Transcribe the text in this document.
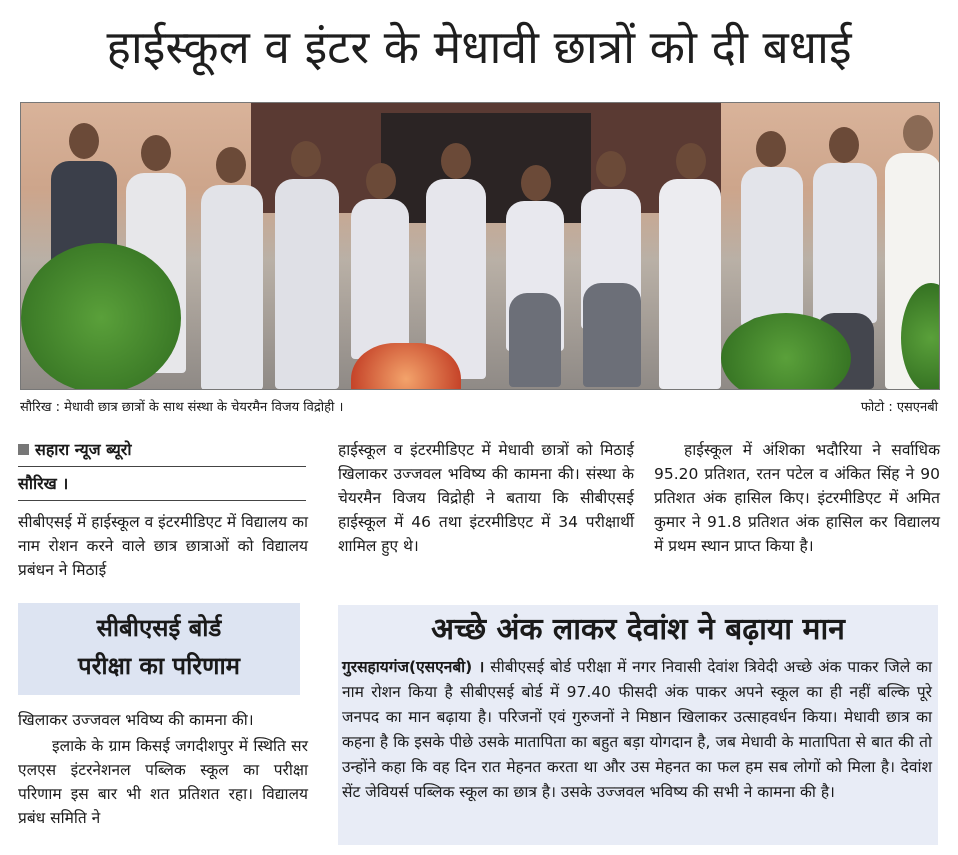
हाईस्कूल व इंटर के मेधावी छात्रों को दी बधाई
सौरिख : मेधावी छात्र छात्रों के साथ संस्था के चेयरमैन विजय विद्रोही ।	फोटो : एसएनबी
सहारा न्यूज ब्यूरो
सौरिख ।
सीबीएसई में हाईस्कूल व इंटरमीडिएट में विद्यालय का नाम रोशन करने वाले छात्र छात्राओं को विद्यालय प्रबंधन ने मिठाई
सीबीएसई बोर्ड
परीक्षा का परिणाम
खिलाकर उज्जवल भविष्य की कामना की।
इलाके के ग्राम किसई जगदीशपुर में स्थिति सर एलएस इंटरनेशनल पब्लिक स्कूल का परीक्षा परिणाम इस बार भी शत प्रतिशत रहा। विद्यालय प्रबंध समिति ने
हाईस्कूल व इंटरमीडिएट में मेधावी छात्रों को मिठाई खिलाकर उज्जवल भविष्य की कामना की। संस्था के चेयरमैन विजय विद्रोही ने बताया कि सीबीएसई हाईस्कूल में 46 तथा इंटरमीडिएट में 34 परीक्षार्थी शामिल हुए थे।
हाईस्कूल में अंशिका भदौरिया ने सर्वाधिक 95.20 प्रतिशत, रतन पटेल व अंकित सिंह ने 90 प्रतिशत अंक हासिल किए। इंटरमीडिएट में अमित कुमार ने 91.8 प्रतिशत अंक हासिल कर विद्यालय में प्रथम स्थान प्राप्त किया है।
अच्छे अंक लाकर देवांश ने बढ़ाया मान
गुरसहायगंज(एसएनबी) । सीबीएसई बोर्ड परीक्षा में नगर निवासी देवांश त्रिवेदी अच्छे अंक पाकर जिले का नाम रोशन किया है सीबीएसई बोर्ड में 97.40 फीसदी अंक पाकर अपने स्कूल का ही नहीं बल्कि पूरे जनपद का मान बढ़ाया है। परिजनों एवं गुरुजनों ने मिष्ठान खिलाकर उत्साहवर्धन किया। मेधावी छात्र का कहना है कि इसके पीछे उसके मातापिता का बहुत बड़ा योगदान है, जब मेधावी के मातापिता से बात की तो उन्होंने कहा कि वह दिन रात मेहनत करता था और उस मेहनत का फल हम सब लोगों को मिला है। देवांश सेंट जेवियर्स पब्लिक स्कूल का छात्र है। उसके उज्जवल भविष्य की सभी ने कामना की है।
